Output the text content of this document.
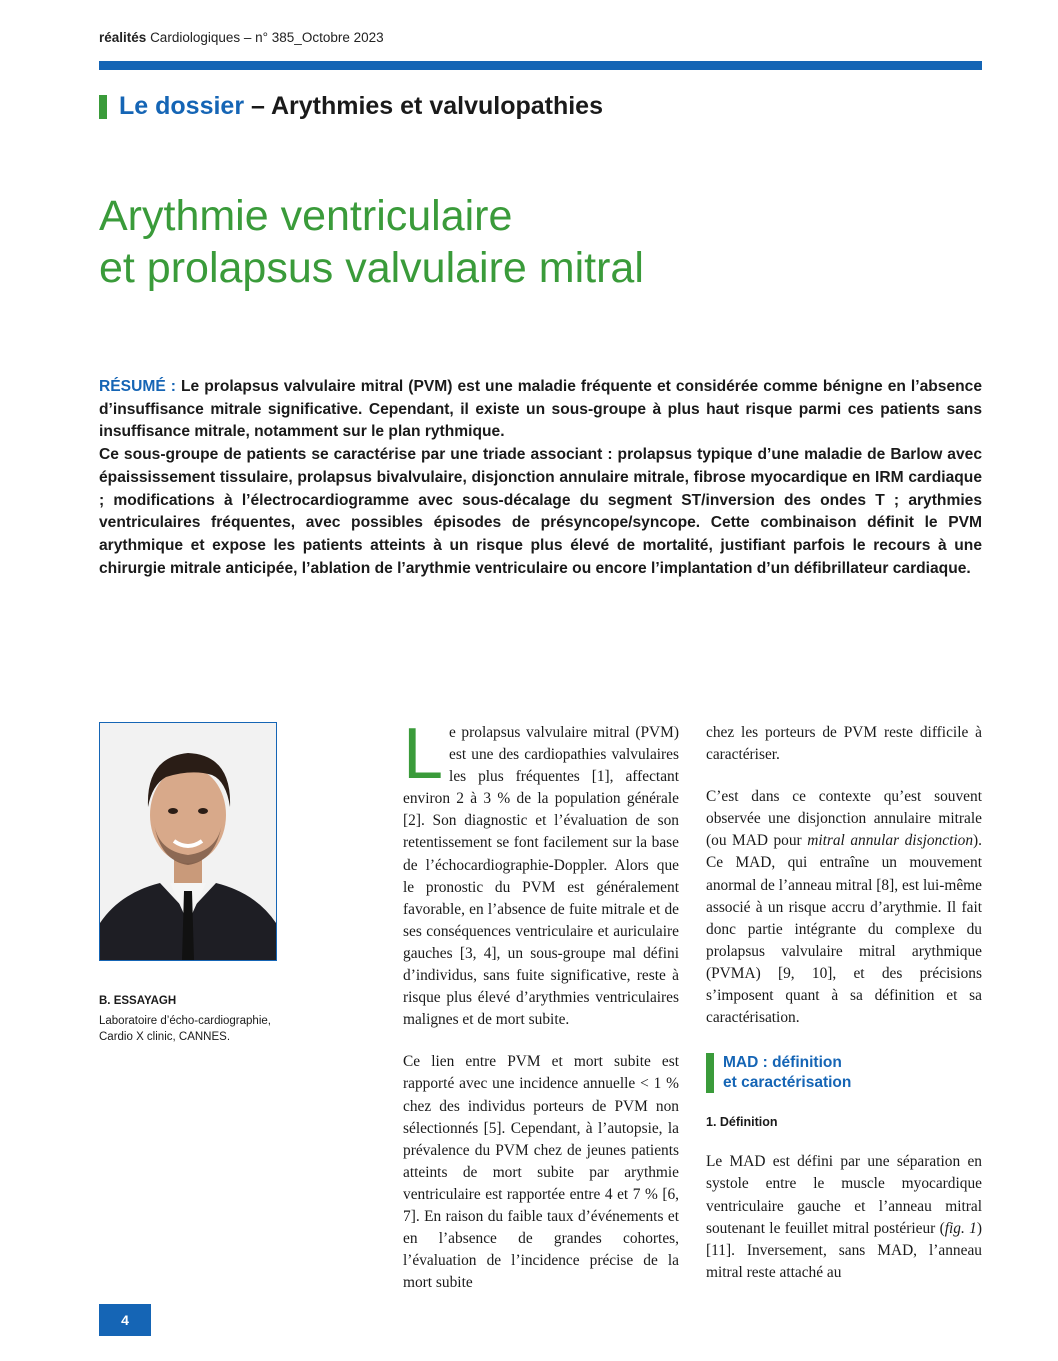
réalités Cardiologiques – n° 385_Octobre 2023
Le dossier
– Arythmies et valvulopathies
Arythmie ventriculaire
et prolapsus valvulaire mitral

RÉSUMÉ : Le prolapsus valvulaire mitral (PVM) est une maladie fréquente et considérée comme bénigne en l’absence d’insuffisance mitrale significative. Cependant, il existe un sous-groupe à plus haut risque parmi ces patients sans insuffisance mitrale, notamment sur le plan rythmique.

Ce sous-groupe de patients se caractérise par une triade associant : prolapsus typique d’une maladie de Barlow avec épaississement tissulaire, prolapsus bivalvulaire, disjonction annulaire mitrale, fibrose myocardique en IRM cardiaque ; modifications à l’électrocardiogramme avec sous-décalage du segment ST/inversion des ondes T ; arythmies ventriculaires fréquentes, avec possibles épisodes de présyncope/syncope. Cette combinaison définit le PVM arythmique et expose les patients atteints à un risque plus élevé de mortalité, justifiant parfois le recours à une chirurgie mitrale anticipée, l’ablation de l’arythmie ventriculaire ou encore l’implantation d’un défibrillateur cardiaque.

B. ESSAYAGH
Laboratoire d’écho-cardiographie,
Cardio X clinic, CANNES.

Le prolapsus valvulaire mitral (PVM) est une des cardiopathies valvulaires les plus fréquentes [1], affectant environ 2 à 3 % de la population générale [2]. Son diagnostic et l’évaluation de son retentissement se font facilement sur la base de l’échocardiographie-Doppler. Alors que le pronostic du PVM est généralement favorable, en l’absence de fuite mitrale et de ses conséquences ventriculaire et auriculaire gauches [3, 4], un sous-groupe mal défini d’individus, sans fuite significative, reste à risque plus élevé d’arythmies ventriculaires malignes et de mort subite.

Ce lien entre PVM et mort subite est rapporté avec une incidence annuelle < 1 % chez des individus porteurs de PVM non sélectionnés [5]. Cependant, à l’autopsie, la prévalence du PVM chez de jeunes patients atteints de mort subite par arythmie ventriculaire est rapportée entre 4 et 7 % [6, 7]. En raison du faible taux d’événements et en l’absence de grandes cohortes, l’évaluation de l’incidence précise de la mort subite

chez les porteurs de PVM reste difficile à caractériser.

C’est dans ce contexte qu’est souvent observée une disjonction annulaire mitrale (ou MAD pour mitral annular disjonction). Ce MAD, qui entraîne un mouvement anormal de l’anneau mitral [8], est lui-même associé à un risque accru d’arythmie. Il fait donc partie intégrante du complexe du prolapsus valvulaire mitral arythmique (PVMA) [9, 10], et des précisions s’imposent quant à sa définition et sa caractérisation.

MAD : définition
et caractérisation

1. Définition

Le MAD est défini par une séparation en systole entre le muscle myocardique ventriculaire gauche et l’anneau mitral soutenant le feuillet mitral postérieur (fig. 1) [11]. Inversement, sans MAD, l’anneau mitral reste attaché au

4
